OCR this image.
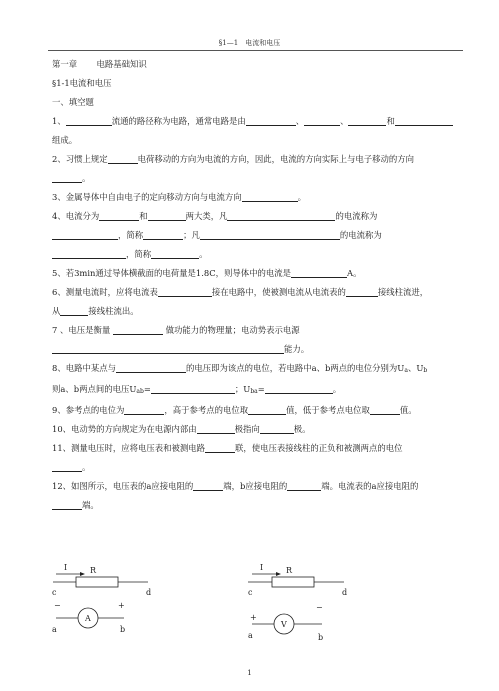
§1—1　电流和电压
第一章 电路基础知识
§1-1电流和电压
一、填空题
1、	流通的路径称为电路，通常电路是由	、	、	和
组成。
2、习惯上规定	电荷移动的方向为电流的方向，因此，电流的方向实际上与电子移动的方向
。
3、金属导体中自由电子的定向移动方向与电流方向	。
4、电流分为	和	两大类，凡	的电流称为
，简称	；凡	的电流称为
，简称	。
5、若3min通过导体横截面的电荷量是1.8C，则导体中的电流是	A。
6、测量电流时，应将电流表	接在电路中，使被测电流从电流表的	接线柱流进，
从	接线柱流出。
7 、电压是衡量	做功能力的物理量；电动势表示电源
能力。
8、电路中某点与	的电压即为该点的电位，若电路中a、b两点的电位分别为Ua、Ub
则a、b两点间的电压Uab=	；Uba=	。
9、参考点的电位为	，高于参考点的电位取	值，低于参考点电位取	值。
10、电动势的方向规定为在电源内部由	极指向	极。
11、测量电压时，应将电压表和被测电路	联，使电压表接线柱的正负和被测两点的电位
。
12、如图所示，电压表的a应接电阻的	端，b应接电阻的	端。电流表的a应接电阻的
端。
I	R
c	d
−	+
A
a	b
I	R
c	d
+
−
V
a	b
1
